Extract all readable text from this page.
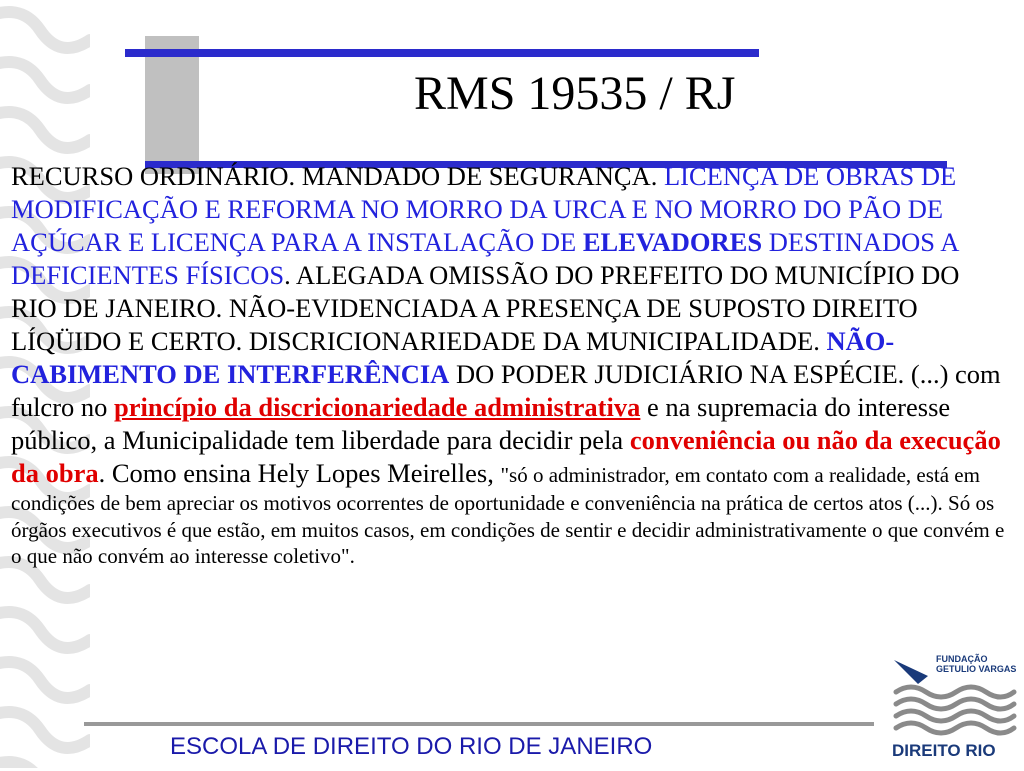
RMS 19535 / RJ

RECURSO ORDINÁRIO. MANDADO DE SEGURANÇA. LICENÇA DE OBRAS DE MODIFICAÇÃO E REFORMA NO MORRO DA URCA E NO MORRO DO PÃO DE AÇÚCAR E LICENÇA PARA A INSTALAÇÃO DE ELEVADORES DESTINADOS A DEFICIENTES FÍSICOS. ALEGADA OMISSÃO DO PREFEITO DO MUNICÍPIO DO RIO DE JANEIRO. NÃO-EVIDENCIADA A PRESENÇA DE SUPOSTO DIREITO LÍQÜIDO E CERTO. DISCRICIONARIEDADE DA MUNICIPALIDADE. NÃO-CABIMENTO DE INTERFERÊNCIA DO PODER JUDICIÁRIO NA ESPÉCIE. (...) com fulcro no princípio da discricionariedade administrativa e na supremacia do interesse público, a Municipalidade tem liberdade para decidir pela conveniência ou não da execução da obra. Como ensina Hely Lopes Meirelles, "só o administrador, em contato com a realidade, está em condições de bem apreciar os motivos ocorrentes de oportunidade e conveniência na prática de certos atos (...). Só os órgãos executivos é que estão, em muitos casos, em condições de sentir e decidir administrativamente o que convém e o que não convém ao interesse coletivo".

ESCOLA DE DIREITO DO RIO DE JANEIRO
FUNDAÇÃO
GETULIO VARGAS
DIREITO RIO
